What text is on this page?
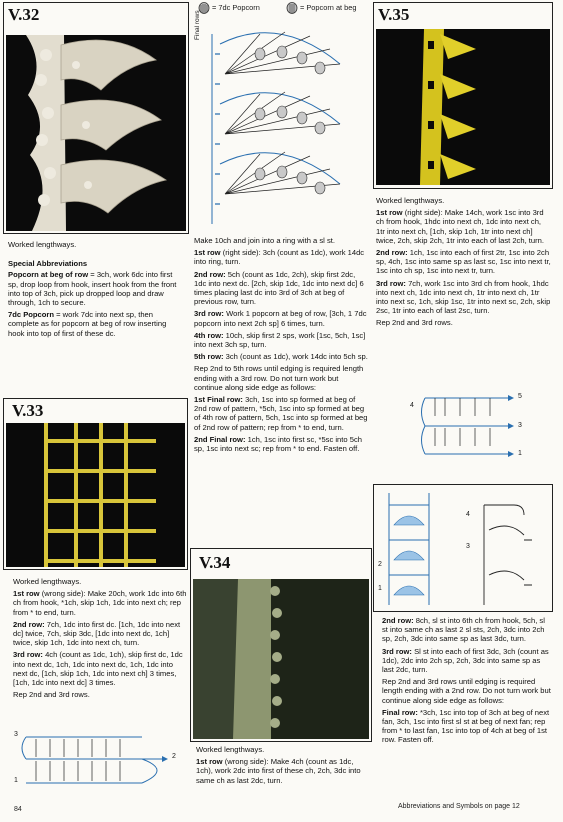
V.32

Worked lengthways.

Special Abbreviations

Popcorn at beg of row = 3ch, work 6dc into first sp, drop loop from hook, insert hook from the front into top of 3ch, pick up dropped loop and draw through, 1ch to secure.

7dc Popcorn = work 7dc into next sp, then complete as for popcorn at beg of row inserting hook into top of first of these dc.

= 7dc Popcorn	= Popcorn at beg
Final rows

Make 10ch and join into a ring with a sl st.

1st row (right side): 3ch (count as 1dc), work 14dc into ring, turn.

2nd row: 5ch (count as 1dc, 2ch), skip first 2dc, 1dc into next dc. [2ch, skip 1dc, 1dc into next dc] 6 times placing last dc into 3rd of 3ch at beg of previous row, turn.

3rd row: Work 1 popcorn at beg of row, [3ch, 1 7dc popcorn into next 2ch sp] 6 times, turn.

4th row: 10ch, skip first 2 sps, work [1sc, 5ch, 1sc] into next 3ch sp, turn.

5th row: 3ch (count as 1dc), work 14dc into 5ch sp.

Rep 2nd to 5th rows until edging is required length ending with a 3rd row. Do not turn work but continue along side edge as follows:

1st Final row: 3ch, 1sc into sp formed at beg of 2nd row of pattern, *5ch, 1sc into sp formed at beg of 4th row of pattern, 5ch, 1sc into sp formed at beg of 2nd row of pattern; rep from * to end, turn.

2nd Final row: 1ch, 1sc into first sc, *5sc into 5ch sp, 1sc into next sc; rep from * to end. Fasten off.

V.35

Worked lengthways.

1st row (right side): Make 14ch, work 1sc into 3rd ch from hook, 1hdc into next ch, 1dc into next ch, 1tr into next ch, [1ch, skip 1ch, 1tr into next ch] twice, 2ch, skip 2ch, 1tr into each of last 2ch, turn.

2nd row: 1ch, 1sc into each of first 2tr, 1sc into 2ch sp, 4ch, 1sc into same sp as last sc, 1sc into next tr, 1sc into ch sp, 1sc into next tr, turn.

3rd row: 7ch, work 1sc into 3rd ch from hook, 1hdc into next ch, 1dc into next ch, 1tr into next ch, 1tr into next sc, 1ch, skip 1sc, 1tr into next sc, 2ch, skip 2sc, 1tr into each of last 2sc, turn.

Rep 2nd and 3rd rows.

4
5
3
1
V.33

Worked lengthways.

1st row (wrong side): Make 20ch, work 1dc into 6th ch from hook, *1ch, skip 1ch, 1dc into next ch; rep from * to end, turn.

2nd row: 7ch, 1dc into first dc. [1ch, 1dc into next dc] twice, 7ch, skip 3dc, [1dc into next dc, 1ch] twice, skip 1ch, 1dc into next ch, turn.

3rd row: 4ch (count as 1dc, 1ch), skip first dc, 1dc into next dc, 1ch, 1dc into next dc, 1ch, 1dc into next dc, [1ch, skip 1ch, 1dc into next ch] 3 times, [1ch, 1dc into next dc] 3 times.

Rep 2nd and 3rd rows.

3
2
1
V.34

Worked lengthways.

1st row (wrong side): Make 4ch (count as 1dc, 1ch), work 2dc into first of these ch, 2ch, 3dc into same ch as last 2dc, turn.

4
3
2
1

2nd row: 8ch, sl st into 6th ch from hook, 5ch, sl st into same ch as last 2 sl sts, 2ch, 3dc into 2ch sp, 2ch, 3dc into same sp as last 3dc, turn.

3rd row: Sl st into each of first 3dc, 3ch (count as 1dc), 2dc into 2ch sp, 2ch, 3dc into same sp as last 2dc, turn.

Rep 2nd and 3rd rows until edging is required length ending with a 2nd row. Do not turn work but continue along side edge as follows:

Final row: *3ch, 1sc into top of 3ch at beg of next fan, 3ch, 1sc into first sl st at beg of next fan; rep from * to last fan, 1sc into top of 4ch at beg of 1st row. Fasten off.

84	Abbreviations and Symbols on page 12
